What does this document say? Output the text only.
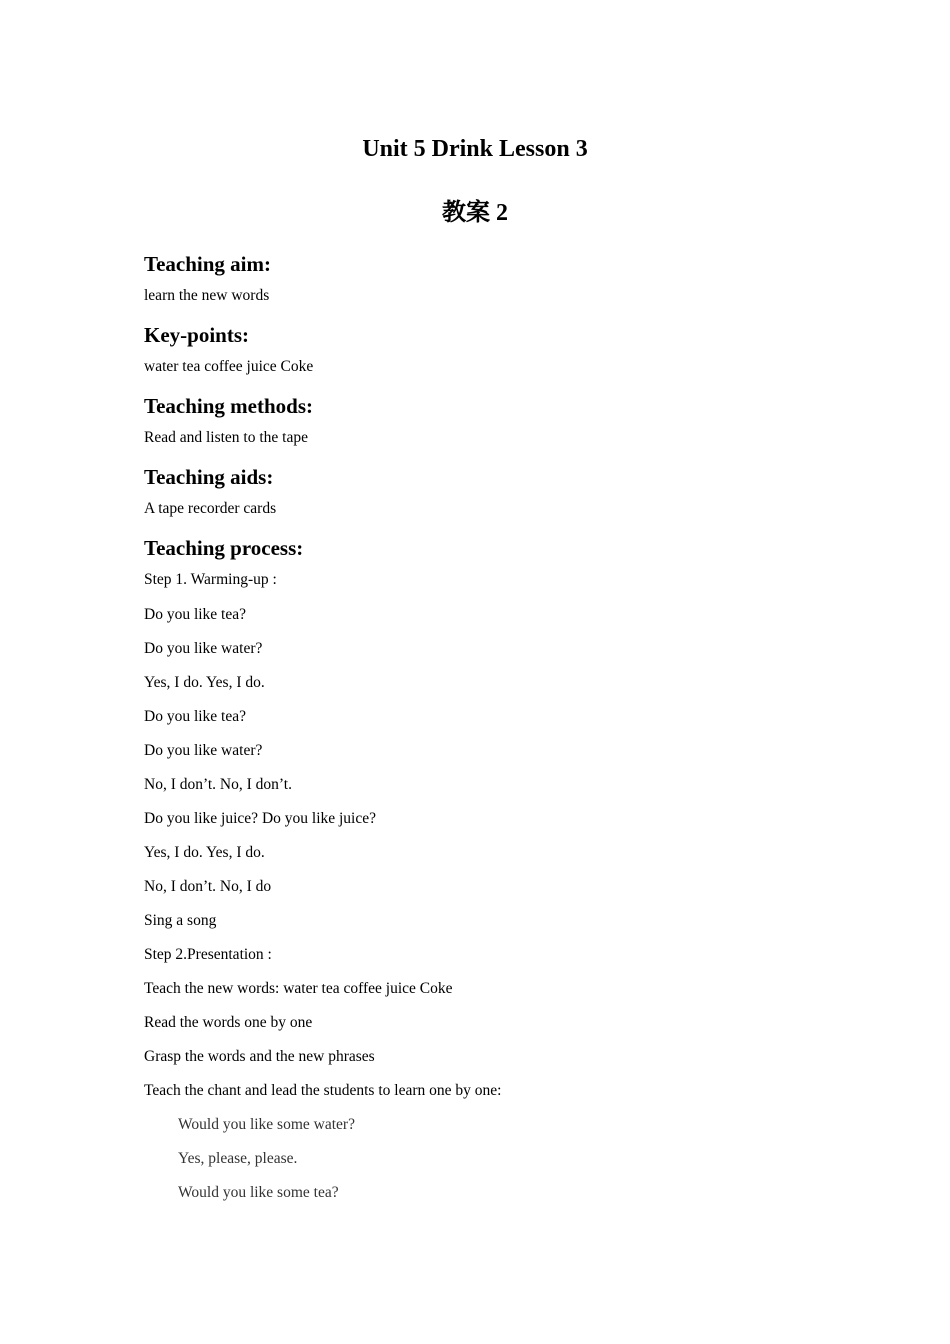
Unit 5 Drink Lesson 3
教案 2
Teaching aim:
learn the new words
Key-points:
water tea coffee juice Coke
Teaching methods:
Read and listen to the tape
Teaching aids:
A tape recorder cards
Teaching process:
Step 1. Warming-up :
Do you like tea?
Do you like water?
Yes, I do. Yes, I do.
Do you like tea?
Do you like water?
No, I don’t. No, I don’t.
Do you like juice? Do you like juice?
Yes, I do. Yes, I do.
No, I don’t. No, I do
Sing a song
Step 2.Presentation :
Teach the new words: water tea coffee juice Coke
Read the words one by one
Grasp the words and the new phrases
Teach the chant and lead the students to learn one by one:
Would you like some water?
Yes, please, please.
Would you like some tea?
